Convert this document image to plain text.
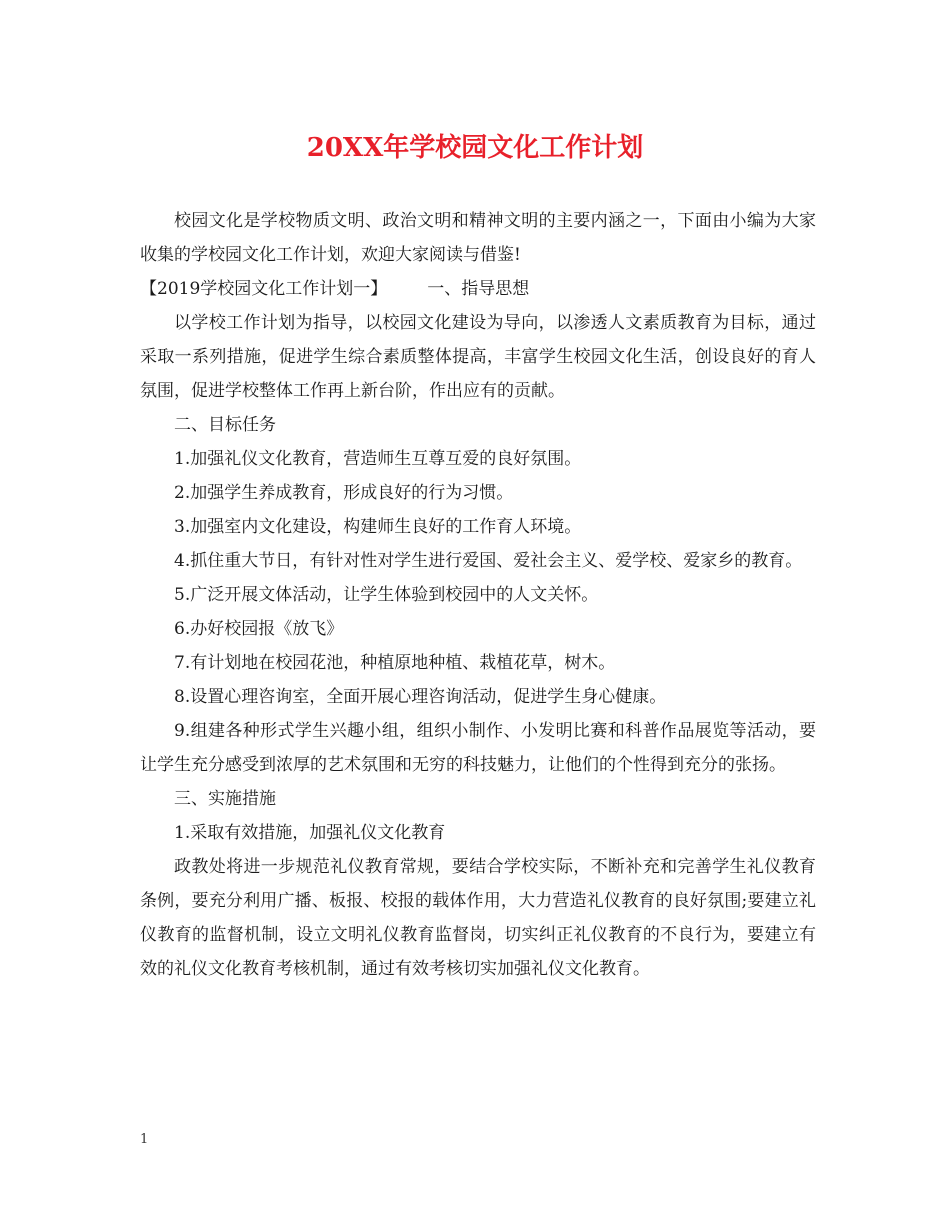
20XX年学校园文化工作计划

校园文化是学校物质文明、政治文明和精神文明的主要内涵之一，下面由小编为大家收集的学校园文化工作计划，欢迎大家阅读与借鉴!

【2019学校园文化工作计划一】 一、指导思想

以学校工作计划为指导，以校园文化建设为导向，以渗透人文素质教育为目标，通过采取一系列措施，促进学生综合素质整体提高，丰富学生校园文化生活，创设良好的育人氛围，促进学校整体工作再上新台阶，作出应有的贡献。

二、目标任务

1.加强礼仪文化教育，营造师生互尊互爱的良好氛围。

2.加强学生养成教育，形成良好的行为习惯。

3.加强室内文化建设，构建师生良好的工作育人环境。

4.抓住重大节日，有针对性对学生进行爱国、爱社会主义、爱学校、爱家乡的教育。

5.广泛开展文体活动，让学生体验到校园中的人文关怀。

6.办好校园报《放飞》

7.有计划地在校园花池，种植原地种植、栽植花草，树木。

8.设置心理咨询室，全面开展心理咨询活动，促进学生身心健康。

9.组建各种形式学生兴趣小组，组织小制作、小发明比赛和科普作品展览等活动，要让学生充分感受到浓厚的艺术氛围和无穷的科技魅力，让他们的个性得到充分的张扬。

三、实施措施

1.采取有效措施，加强礼仪文化教育

政教处将进一步规范礼仪教育常规，要结合学校实际，不断补充和完善学生礼仪教育条例，要充分利用广播、板报、校报的载体作用，大力营造礼仪教育的良好氛围;要建立礼仪教育的监督机制，设立文明礼仪教育监督岗，切实纠正礼仪教育的不良行为，要建立有效的礼仪文化教育考核机制，通过有效考核切实加强礼仪文化教育。

1
